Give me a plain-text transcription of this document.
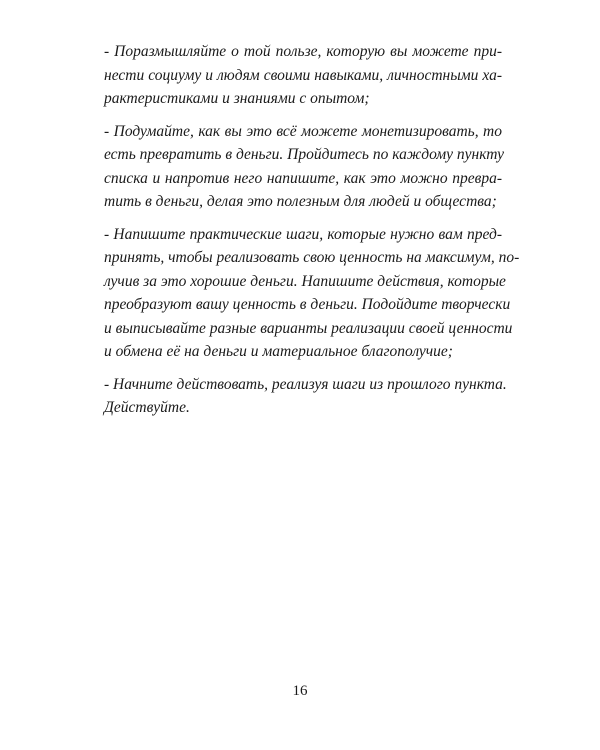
- Поразмышляйте о той пользе, которую вы можете при-
нести социуму и людям своими навыками, личностными ха-
рактеристиками и знаниями с опытом;
- Подумайте, как вы это всё можете монетизировать, то
есть превратить в деньги. Пройдитесь по каждому пункту
списка и напротив него напишите, как это можно превра-
тить в деньги, делая это полезным для людей и общества;
- Напишите практические шаги, которые нужно вам пред-
принять, чтобы реализовать свою ценность на максимум, по-
лучив за это хорошие деньги. Напишите действия, которые
преобразуют вашу ценность в деньги. Подойдите творчески
и выписывайте разные варианты реализации своей ценности
и обмена её на деньги и материальное благополучие;
- Начните действовать, реализуя шаги из прошлого пункта.
Действуйте.
16
